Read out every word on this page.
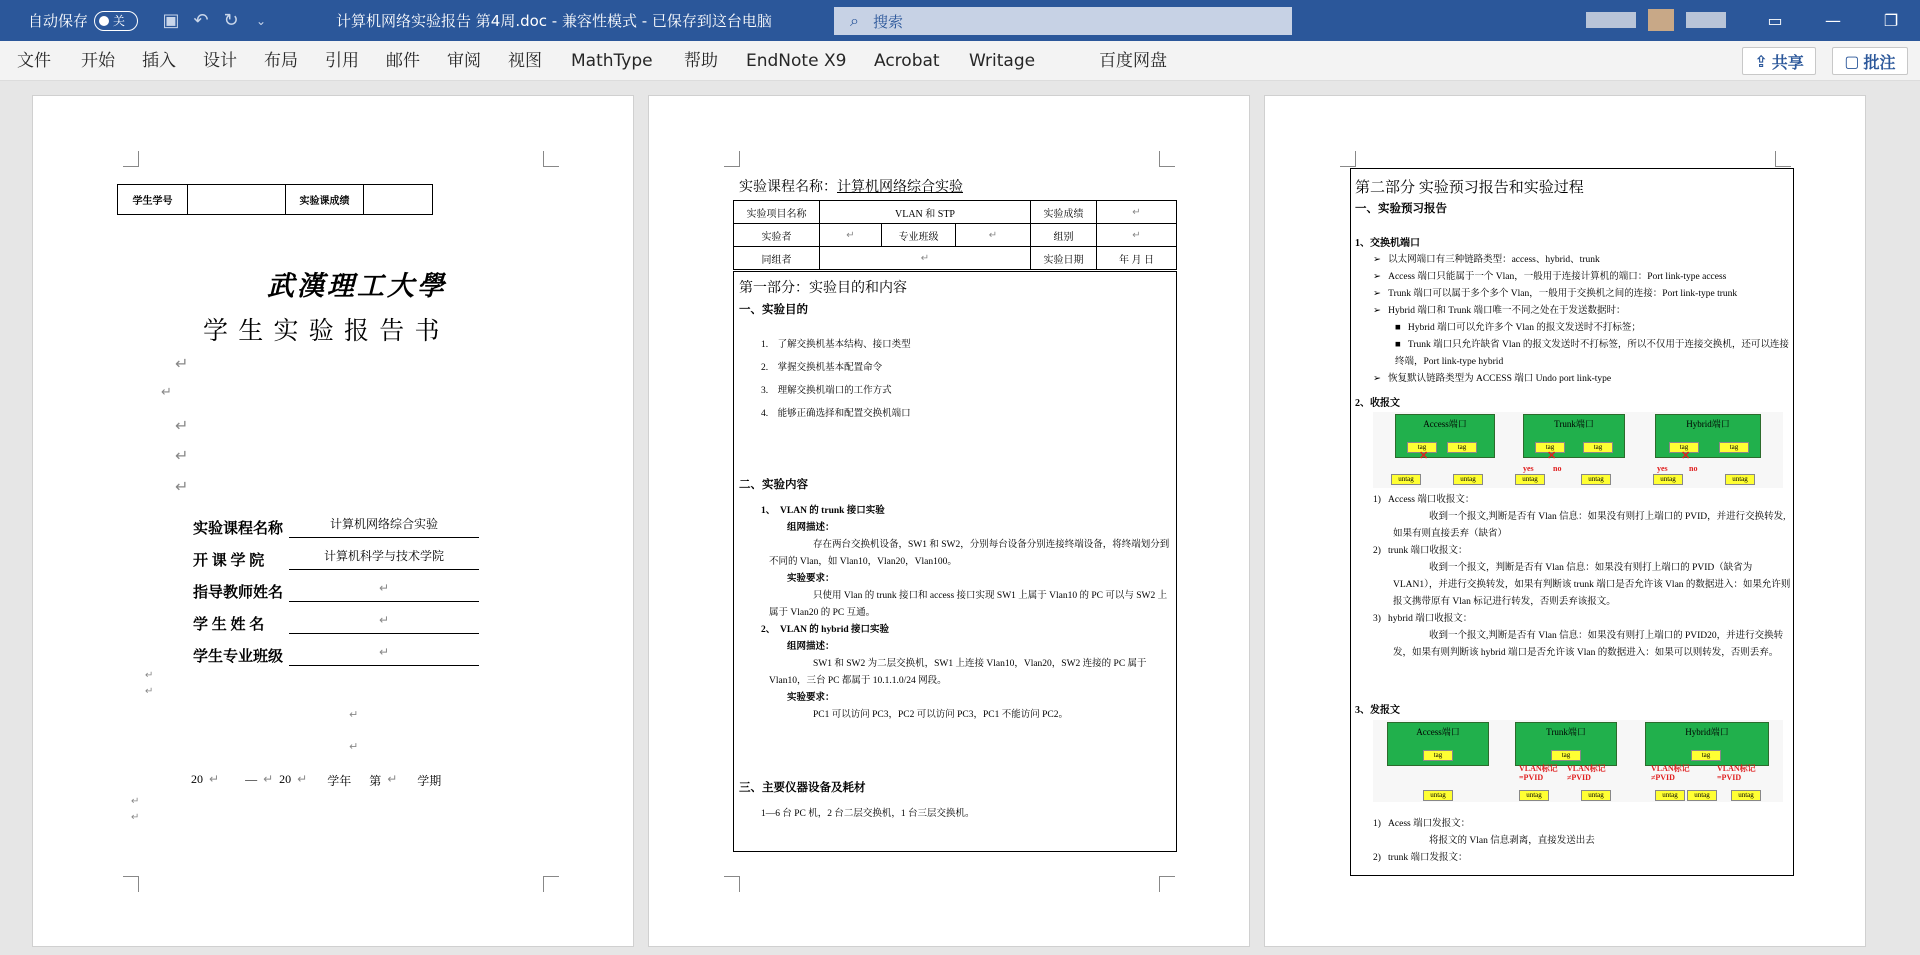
自动保存 关	▣ ↶ ↻	⌄	计算机网络实验报告 第4周.doc - 兼容性模式 - 已保存到这台电脑	⌕ 搜索	▭	—	❐
文件 开始 插入 设计 布局 引用 邮件 审阅 视图 MathType 帮助 EndNote X9 Acrobat Writage	百度网盘	⇪ 共享	▢ 批注
学生学号		实验课成绩	
武漢理工大學
学 生 实 验 报 告 书
↵
↵
↵
↵
↵
实验课程名称	计算机网络综合实验
开 课 学 院	计算机科学与技术学院
指导教师姓名	↵
学 生 姓 名	↵
学生专业班级	↵
↵
↵
↵
↵
20 ↵ — ↵ 20 ↵ 学年 第 ↵ 学期
↵
↵
实验课程名称：计算机网络综合实验
实验项目名称	VLAN 和 STP			实验成绩	↵
实验者	↵	专业班级	↵	组别	↵
同组者	↵			实验日期	年 月 日
第一部分：实验目的和内容
一、实验目的
1.    了解交换机基本结构、接口类型
2.    掌握交换机基本配置命令
3.    理解交换机端口的工作方式
4.    能够正确选择和配置交换机端口
二、实验内容
1、  VLAN 的 trunk 接口实验
组网描述：
存在两台交换机设备，SW1 和 SW2，分别每台设备分别连接终端设备，将终端划分到不同的 Vlan，如 Vlan10，Vlan20，Vlan100。
实验要求：
只使用 Vlan 的 trunk 接口和 access 接口实现 SW1 上属于 Vlan10 的 PC 可以与 SW2 上属于 Vlan20 的 PC 互通。
2、  VLAN 的 hybrid 接口实验
组网描述：
SW1 和 SW2 为二层交换机，SW1 上连接 Vlan10，Vlan20，SW2 连接的 PC 属于 Vlan10，三台 PC 都属于 10.1.1.0/24 网段。
实验要求：
PC1 可以访问 PC3，PC2 可以访问 PC3，PC1 不能访问 PC2。
三、主要仪器设备及耗材
1—6 台 PC 机，2 台二层交换机，1 台三层交换机。
第二部分 实验预习报告和实验过程
一、实验预习报告
1、交换机端口
➢   以太网端口有三种链路类型：access、hybrid、trunk
➢   Access 端口只能属于一个 Vlan，一般用于连接计算机的端口：Port link-type access
➢   Trunk 端口可以属于多个多个 Vlan，一般用于交换机之间的连接：Port link-type trunk
➢   Hybrid 端口和 Trunk 端口唯一不同之处在于发送数据时：
■   Hybrid 端口可以允许多个 Vlan 的报文发送时不打标签；
■   Trunk 端口只允许缺省 Vlan 的报文发送时不打标签，所以不仅用于连接交换机，还可以连接终端，Port link-type hybrid
➢   恢复默认链路类型为 ACCESS 端口 Undo port link-type
2、收报文
Access端口	Trunk端口	Hybrid端口
tag	tag	tag	tag	tag	tag
untag	untag	untag	untag	untag	untag
✕	✕	✕
yes no	yes	no
1)   Access 端口收报文：
收到一个报文,判断是否有 Vlan 信息：如果没有则打上端口的 PVID，并进行交换转发,如果有则直接丢弃（缺省）
2)   trunk 端口收报文：
收到一个报文，判断是否有 Vlan 信息：如果没有则打上端口的 PVID（缺省为 VLAN1），并进行交换转发，如果有判断该 trunk 端口是否允许该 Vlan 的数据进入：如果允许则报文携带原有 Vlan 标记进行转发，否则丢弃该报文。
3)   hybrid 端口收报文：
收到一个报文,判断是否有 Vlan 信息：如果没有则打上端口的 PVID20，并进行交换转发，如果有则判断该 hybrid 端口是否允许该 Vlan 的数据进入：如果可以则转发，否则丢弃。
3、发报文
Access端口	Trunk端口	Hybrid端口
tag	tag	tag
VLAN标记=PVID
VLAN标记≠PVID
VLAN标记≠PVID
VLAN标记=PVID
untag	untag	untag	untag	untag	untag
1)   Acess 端口发报文：
将报文的 Vlan 信息剥离，直接发送出去
2)   trunk 端口发报文：
